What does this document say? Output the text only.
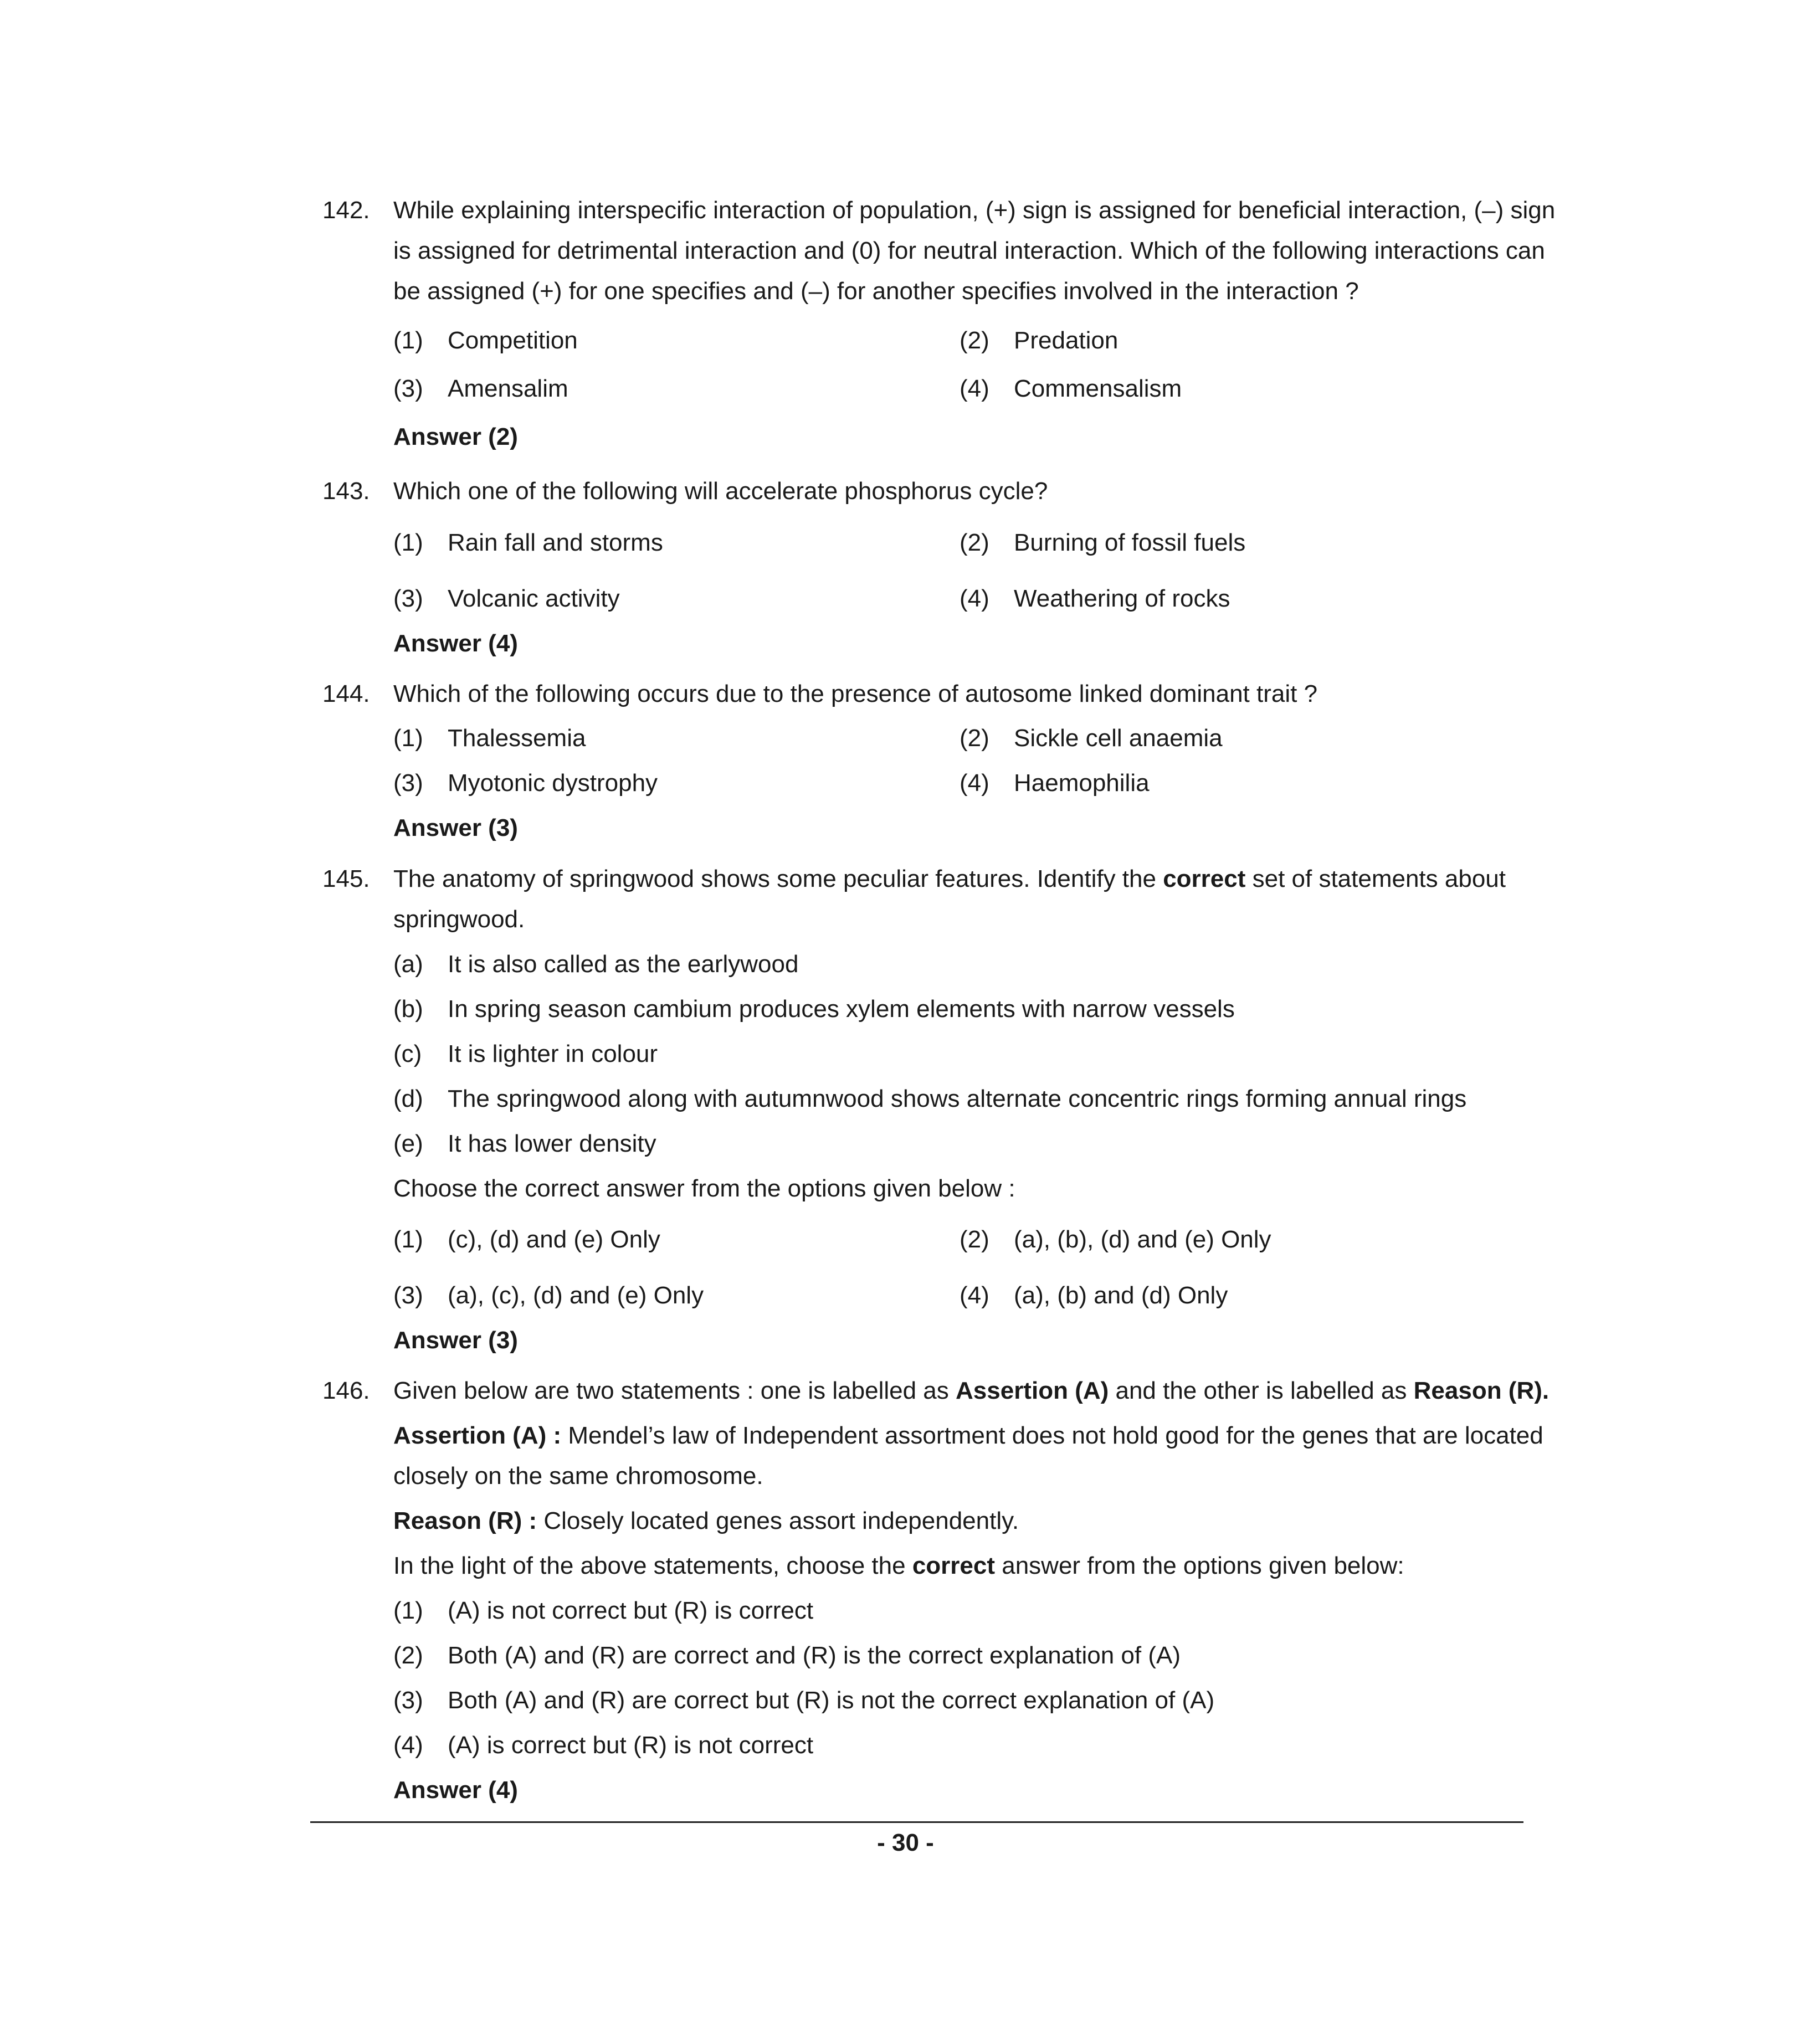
142. While explaining interspecific interaction of population, (+) sign is assigned for beneficial interaction, (–) sign
is assigned for detrimental interaction and (0) for neutral interaction. Which of the following interactions can
be assigned (+) for one specifies and (–) for another specifies involved in the interaction ?
(1) Competition	(2) Predation
(3) Amensalim	(4) Commensalism
Answer (2)
143. Which one of the following will accelerate phosphorus cycle?
(1) Rain fall and storms	(2) Burning of fossil fuels
(3) Volcanic activity	(4) Weathering of rocks
Answer (4)
144. Which of the following occurs due to the presence of autosome linked dominant trait ?
(1) Thalessemia	(2) Sickle cell anaemia
(3) Myotonic dystrophy	(4) Haemophilia
Answer (3)
145. The anatomy of springwood shows some peculiar features. Identify the correct set of statements about
springwood.
(a) It is also called as the earlywood
(b) In spring season cambium produces xylem elements with narrow vessels
(c) It is lighter in colour
(d) The springwood along with autumnwood shows alternate concentric rings forming annual rings
(e) It has lower density
Choose the correct answer from the options given below :
(1) (c), (d) and (e) Only	(2) (a), (b), (d) and (e) Only
(3) (a), (c), (d) and (e) Only	(4) (a), (b) and (d) Only
Answer (3)
146. Given below are two statements : one is labelled as Assertion (A) and the other is labelled as Reason (R).
Assertion (A) : Mendel’s law of Independent assortment does not hold good for the genes that are located
closely on the same chromosome.
Reason (R) : Closely located genes assort independently.
In the light of the above statements, choose the correct answer from the options given below:
(1) (A) is not correct but (R) is correct
(2) Both (A) and (R) are correct and (R) is the correct explanation of (A)
(3) Both (A) and (R) are correct but (R) is not the correct explanation of (A)
(4) (A) is correct but (R) is not correct
Answer (4)
- 30 -
